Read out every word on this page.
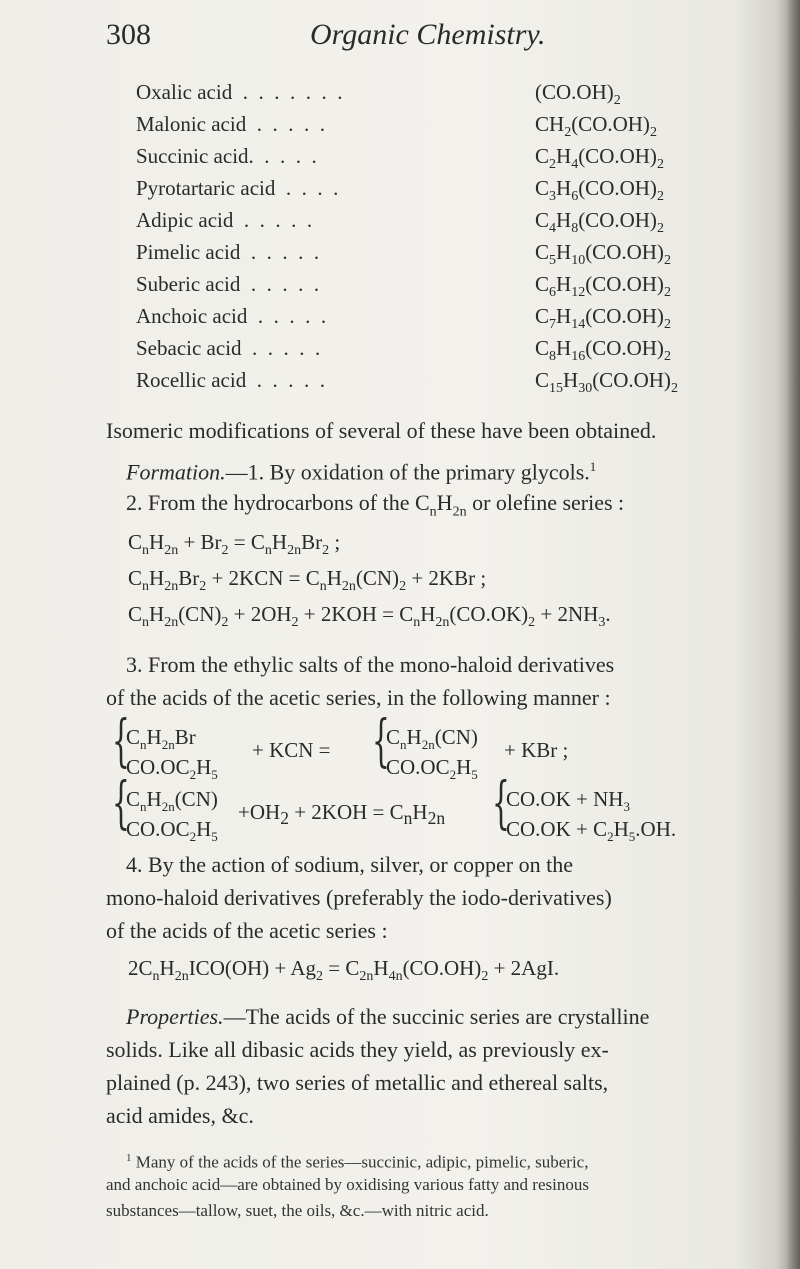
308	Organic Chemistry.
Oxalic acid  .  .  .  .  .  .  .	$(CO.OH)_2$
Malonic acid  .  .  .  .  .	$CH_2(CO.OH)_2$
Succinic acid.  .  .  .  .	$C_2H_4(CO.OH)_2$
Pyrotartaric acid  .  .  .  .	$C_3H_6(CO.OH)_2$
Adipic acid  .  .  .  .  .	$C_4H_8(CO.OH)_2$
Pimelic acid  .  .  .  .  .	$C_5H_{10}(CO.OH)_2$
Suberic acid  .  .  .  .  .	$C_6H_{12}(CO.OH)_2$
Anchoic acid  .  .  .  .  .	$C_7H_{14}(CO.OH)_2$
Sebacic acid  .  .  .  .  .	$C_8H_{16}(CO.OH)_2$
Rocellic acid  .  .  .  .  .	$C_{15}H_{30}(CO.OH)_2$
Isomeric modifications of several of these have been obtained.
Formation.—1. By oxidation of the primary glycols.$^1$
2. From the hydrocarbons of the $C_nH_{2n}$ or olefine series :
$C_nH_{2n} + Br_2 = C_nH_{2n}Br_2$ ;
$C_nH_{2n}Br_2 + 2KCN = C_nH_{2n}(CN)_2 + 2KBr$ ;
$C_nH_{2n}(CN)_2 + 2OH_2 + 2KOH = C_nH_{2n}(CO.OK)_2 + 2NH_3$.
3. From the ethylic salts of the mono-haloid derivatives
of the acids of the acetic series, in the following manner :
{
$C_nH_{2n}Br$
$CO.OC_2H_5$
+ KCN = {
$C_nH_{2n}(CN)$
$CO.OC_2H_5$
+ KBr ;
{
$C_nH_{2n}(CN)$
$CO.OC_2H_5$
$+OH_2 + 2KOH = C_nH_{2n}$ {
$CO.OK + NH_3$
$CO.OK + C_2H_5.OH$.
4. By the action of sodium, silver, or copper on the
mono-haloid derivatives (preferably the iodo-derivatives)
of the acids of the acetic series :
$2C_nH_{2n}ICO(OH) + Ag_2 = C_{2n}H_{4n}(CO.OH)_2 + 2AgI$.
Properties.—The acids of the succinic series are crystalline
solids. Like all dibasic acids they yield, as previously ex-
plained (p. 243), two series of metallic and ethereal salts,
acid amides, &c.
$^1$ Many of the acids of the series—succinic, adipic, pimelic, suberic,
and anchoic acid—are obtained by oxidising various fatty and resinous
substances—tallow, suet, the oils, &c.—with nitric acid.
